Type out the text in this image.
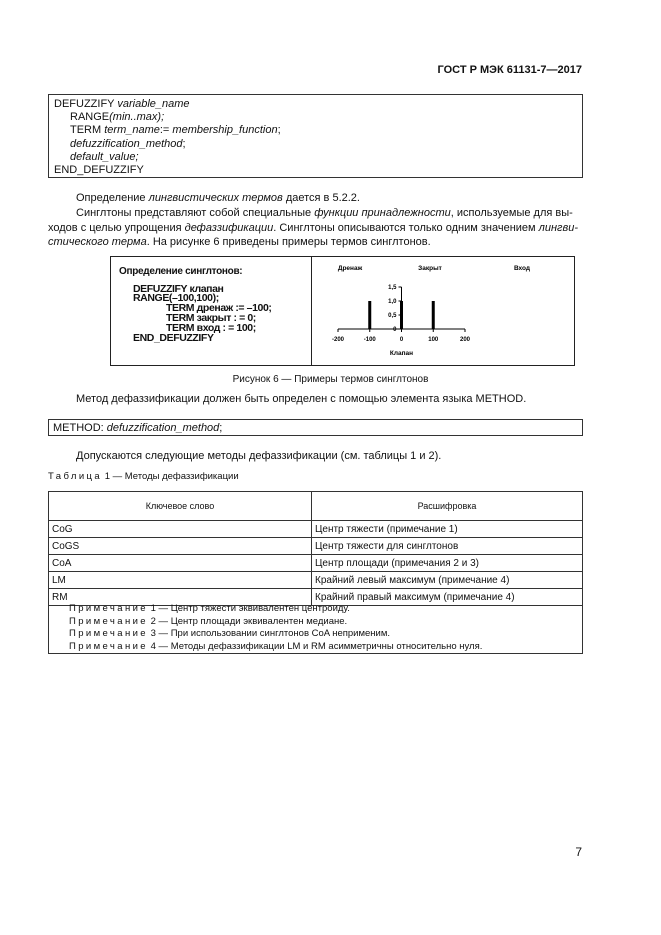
ГОСТ Р МЭК 61131-7—2017
DEFUZZIFY variable_name
RANGE(min..max);
TERM term_name:= membership_function;
defuzzification_method;
default_value;
END_DEFUZZIFY
Определение лингвистических термов дается в 5.2.2.
Синглтоны представляют собой специальные функции принадлежности, используемые для вы-
ходов с целью упрощения дефаззификации. Синглтоны описываются только одним значением лингви-
стического терма. На рисунке 6 приведены примеры термов синглтонов.
Определение синглтонов:
DEFUZZIFY клапан
RANGE(–100,100);
TERM дренаж := –100;
TERM закрыт : = 0;
TERM вход : = 100;
END_DEFUZZIFY	-200	-100	0	100	200
0
0,5
1,0
1,5
Дренаж	Закрыт	Вход
Клапан
Рисунок 6 — Примеры термов синглтонов
Метод дефаззификации должен быть определен с помощью элемента языка METHOD.
METHOD: defuzzification_method;
Допускаются следующие методы дефаззификации (см. таблицы 1 и 2).
Таблица 1 — Методы дефаззификации
Ключевое слово	Расшифровка
CoG	Центр тяжести (примечание 1)
CoGS	Центр тяжести для синглтонов
CoA	Центр площади (примечания 2 и 3)
LM	Крайний левый максимум (примечание 4)
RM	Крайний правый максимум (примечание 4)
Примечание 1 — Центр тяжести эквивалентен центроиду.
Примечание 2 — Центр площади эквивалентен медиане.
Примечание 3 — При использовании синглтонов CoA неприменим.
Примечание 4 — Методы дефаззификации LM и RM асимметричны относительно нуля.
7
